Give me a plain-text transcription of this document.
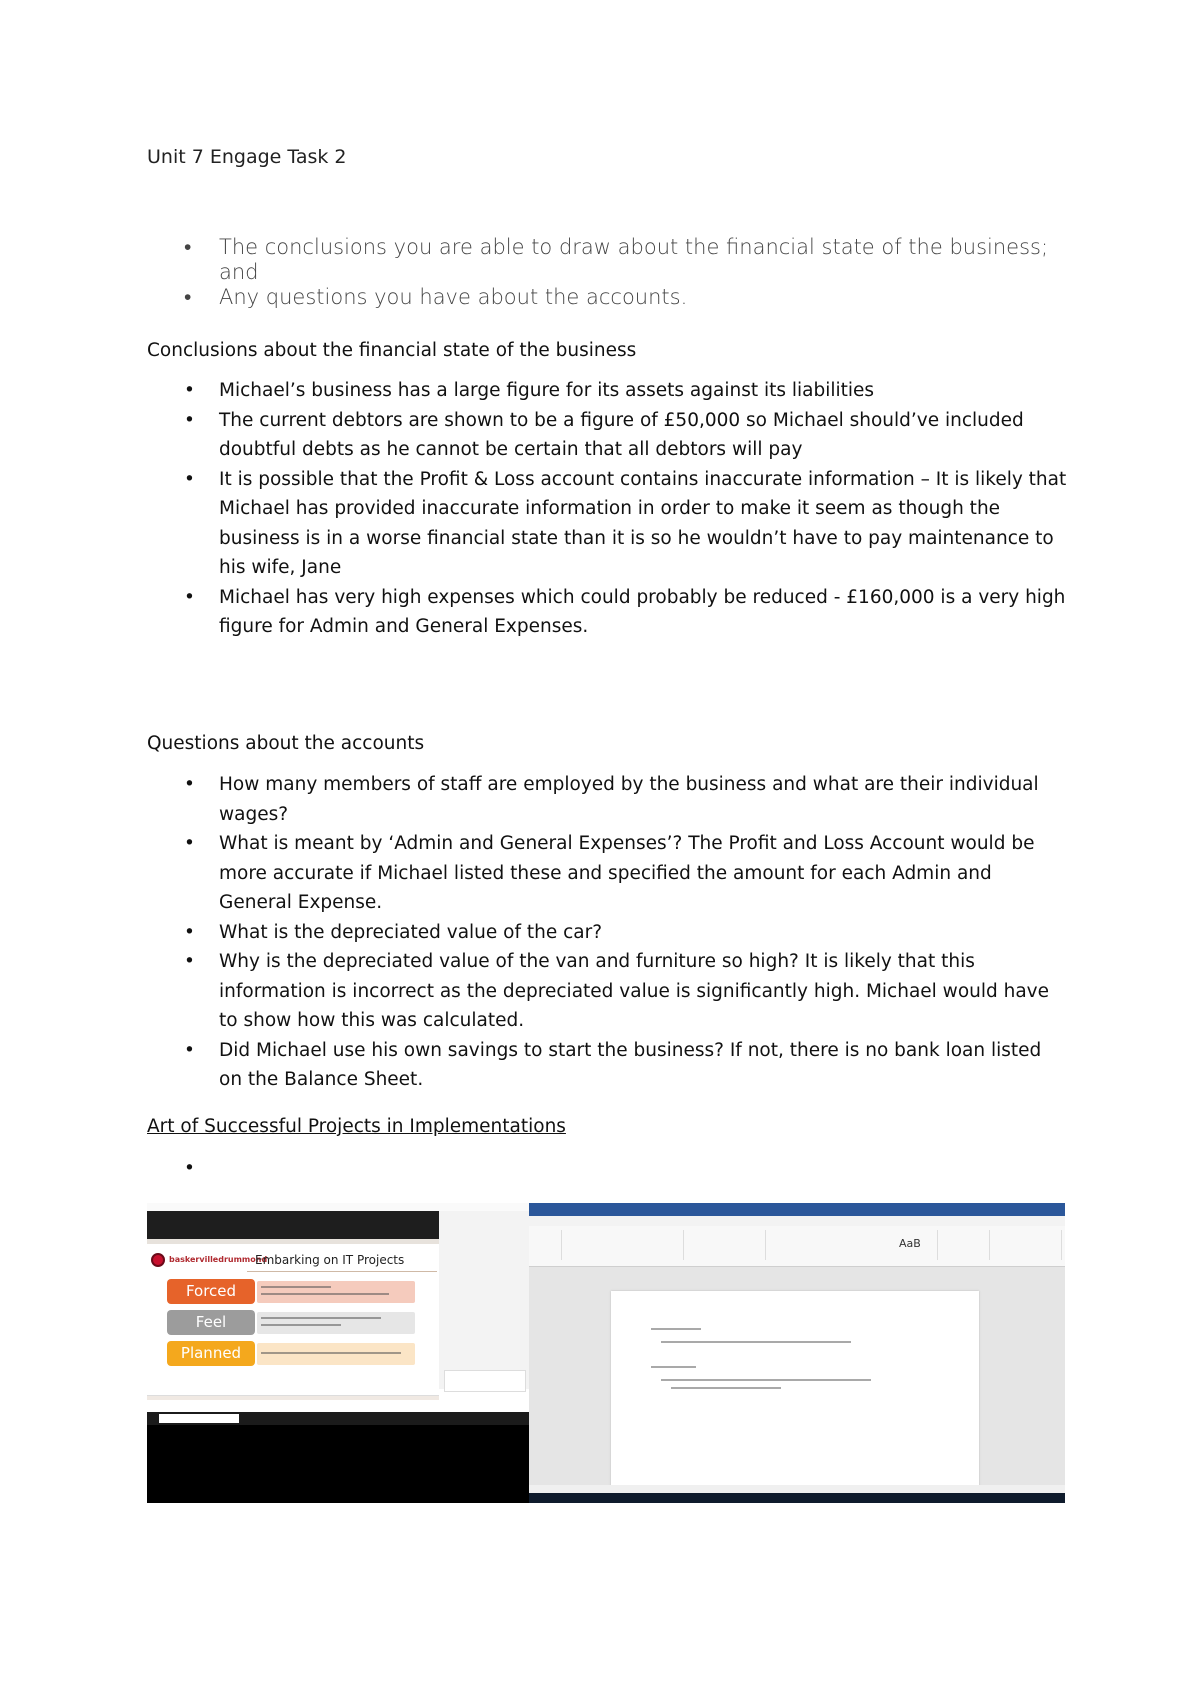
Unit 7 Engage Task 2
• The conclusions you are able to draw about the financial state of the business; and
• Any questions you have about the accounts.
Conclusions about the financial state of the business
• Michael’s business has a large figure for its assets against its liabilities
• The current debtors are shown to be a figure of £50,000 so Michael should’ve included doubtful debts as he cannot be certain that all debtors will pay
• It is possible that the Profit & Loss account contains inaccurate information – It is likely that Michael has provided inaccurate information in order to make it seem as though the business is in a worse financial state than it is so he wouldn’t have to pay maintenance to his wife, Jane
• Michael has very high expenses which could probably be reduced - £160,000 is a very high figure for Admin and General Expenses.
Questions about the accounts
• How many members of staff are employed by the business and what are their individual wages?
• What is meant by ‘Admin and General Expenses’? The Profit and Loss Account would be more accurate if Michael listed these and specified the amount for each Admin and General Expense.
• What is the depreciated value of the car?
• Why is the depreciated value of the van and furniture so high? It is likely that this information is incorrect as the depreciated value is significantly high. Michael would have to show how this was calculated.
• Did Michael use his own savings to start the business? If not, there is no bank loan listed on the Balance Sheet.
Art of Successful Projects in Implementations
•
baskervilledrummond
Embarking on IT Projects
Forced
Feel
Planned
AaB
